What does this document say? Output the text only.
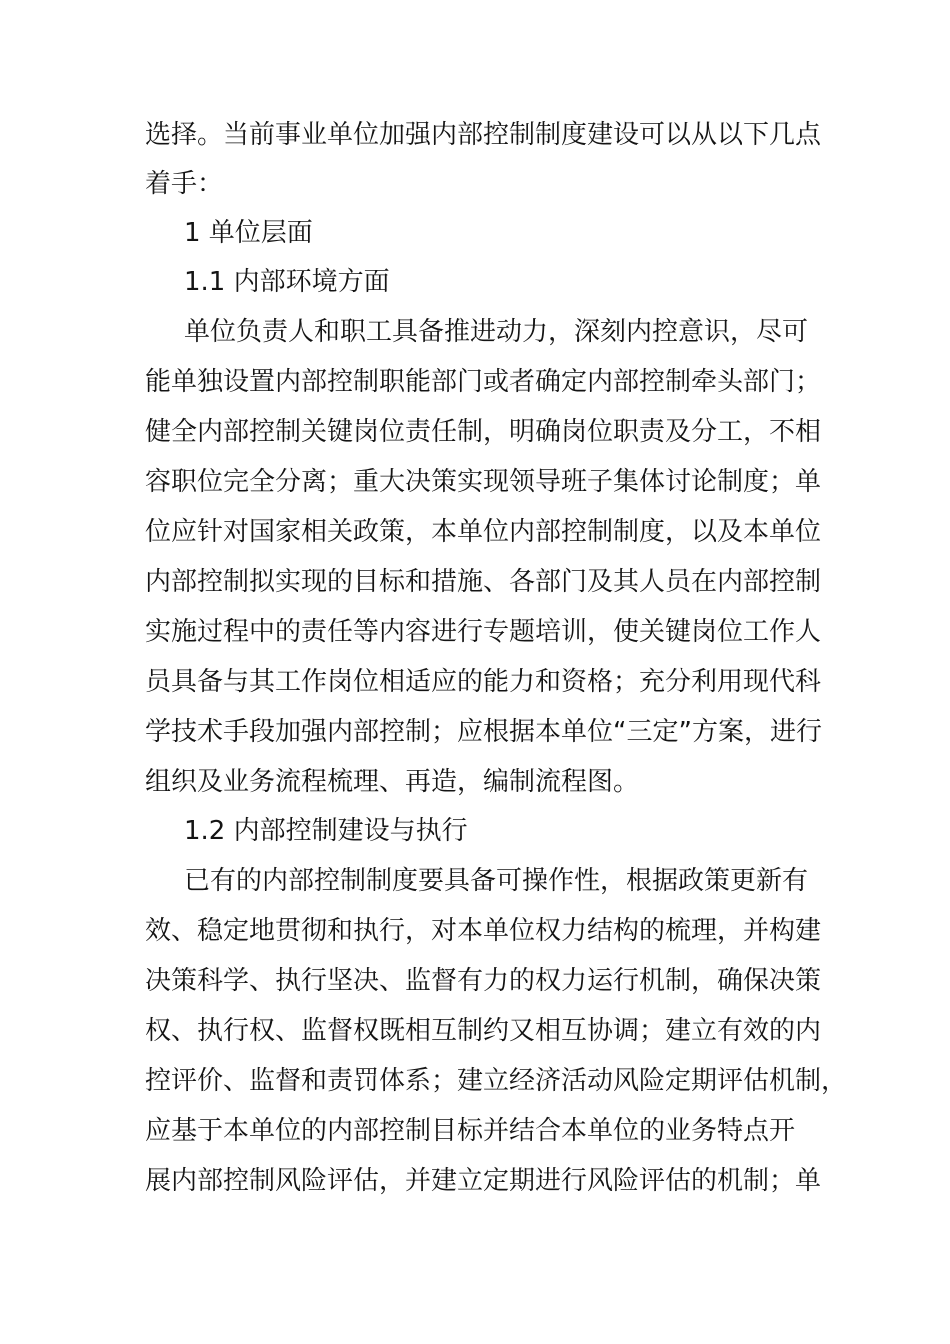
选择。当前事业单位加强内部控制制度建设可以从以下几点
着手：
1 单位层面
1.1 内部环境方面
单位负责人和职工具备推进动力，深刻内控意识，尽可
能单独设置内部控制职能部门或者确定内部控制牵头部门；
健全内部控制关键岗位责任制，明确岗位职责及分工，不相
容职位完全分离；重大决策实现领导班子集体讨论制度；单
位应针对国家相关政策，本单位内部控制制度，以及本单位
内部控制拟实现的目标和措施、各部门及其人员在内部控制
实施过程中的责任等内容进行专题培训，使关键岗位工作人
员具备与其工作岗位相适应的能力和资格；充分利用现代科
学技术手段加强内部控制；应根据本单位“三定”方案，进行
组织及业务流程梳理、再造，编制流程图。
1.2 内部控制建设与执行
已有的内部控制制度要具备可操作性，根据政策更新有
效、稳定地贯彻和执行，对本单位权力结构的梳理，并构建
决策科学、执行坚决、监督有力的权力运行机制，确保决策
权、执行权、监督权既相互制约又相互协调；建立有效的内
控评价、监督和责罚体系；建立经济活动风险定期评估机制，
应基于本单位的内部控制目标并结合本单位的业务特点开
展内部控制风险评估，并建立定期进行风险评估的机制；单
